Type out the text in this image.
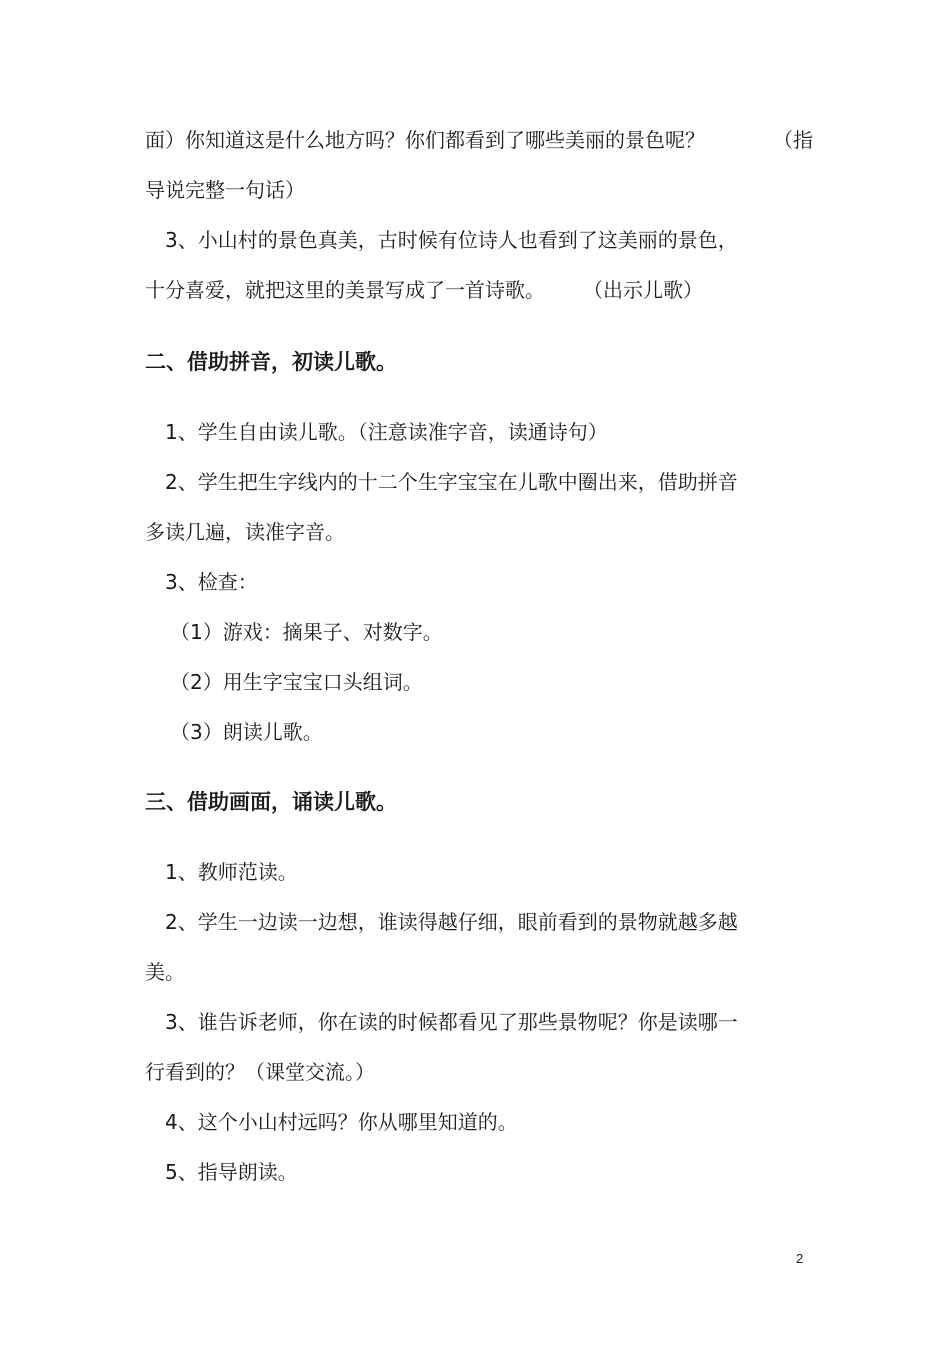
面）你知道这是什么地方吗？你们都看到了哪些美丽的景色呢？	（指

导说完整一句话）

3、小山村的景色真美，古时候有位诗人也看到了这美丽的景色，

十分喜爱，就把这里的美景写成了一首诗歌。 （出示儿歌）

二、借助拼音，初读儿歌。

1、学生自由读儿歌。（注意读准字音，读通诗句）

2、学生把生字线内的十二个生字宝宝在儿歌中圈出来，借助拼音

多读几遍，读准字音。

3、检查：

（1）游戏：摘果子、对数字。

（2）用生字宝宝口头组词。

（3）朗读儿歌。

三、借助画面，诵读儿歌。

1、教师范读。

2、学生一边读一边想，谁读得越仔细，眼前看到的景物就越多越

美。

3、谁告诉老师，你在读的时候都看见了那些景物呢？你是读哪一

行看到的？（课堂交流。）

4、这个小山村远吗？你从哪里知道的。

5、指导朗读。

2
